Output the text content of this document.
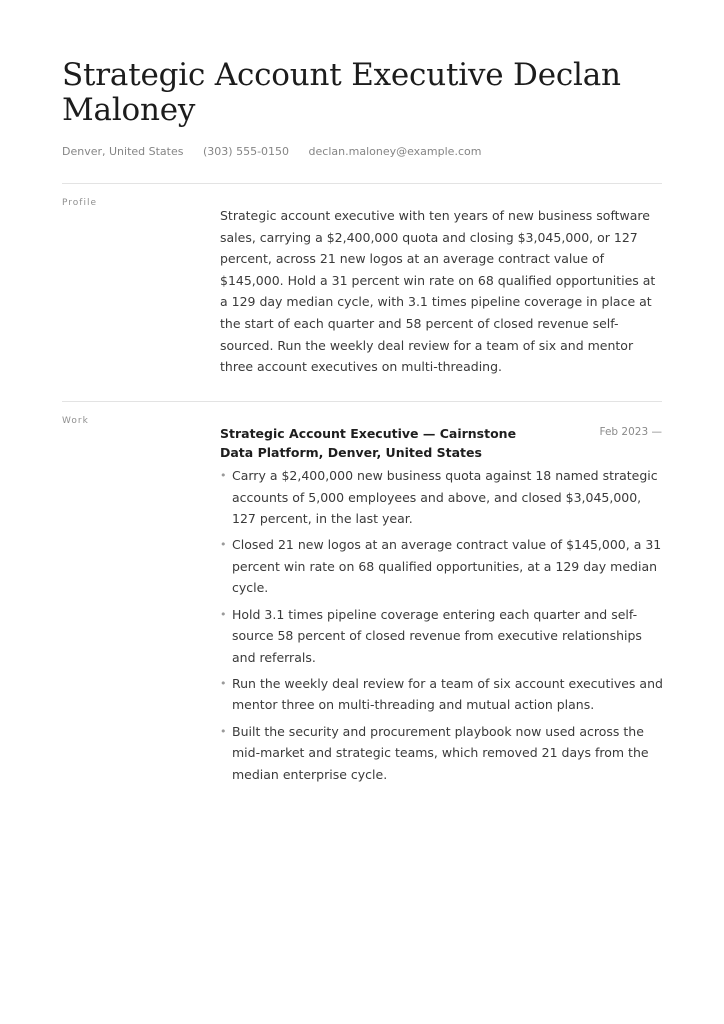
Strategic Account Executive Declan Maloney
Denver, United States (303) 555-0150 declan.maloney@example.com
Profile

Strategic account executive with ten years of new business software sales, carrying a $2,400,000 quota and closing $3,045,000, or 127 percent, across 21 new logos at an average contract value of $145,000. Hold a 31 percent win rate on 68 qualified opportunities at a 129 day median cycle, with 3.1 times pipeline coverage in place at the start of each quarter and 58 percent of closed revenue self-sourced. Run the weekly deal review for a team of six and mentor three account executives on multi-threading.

Work

Strategic Account Executive — Cairnstone Data Platform, Denver, United States

Feb 2023 —
• Carry a $2,400,000 new business quota against 18 named strategic accounts of 5,000 employees and above, and closed $3,045,000, 127 percent, in the last year.
• Closed 21 new logos at an average contract value of $145,000, a 31 percent win rate on 68 qualified opportunities, at a 129 day median cycle.
• Hold 3.1 times pipeline coverage entering each quarter and self-source 58 percent of closed revenue from executive relationships and referrals.
• Run the weekly deal review for a team of six account executives and mentor three on multi-threading and mutual action plans.
• Built the security and procurement playbook now used across the mid-market and strategic teams, which removed 21 days from the median enterprise cycle.
